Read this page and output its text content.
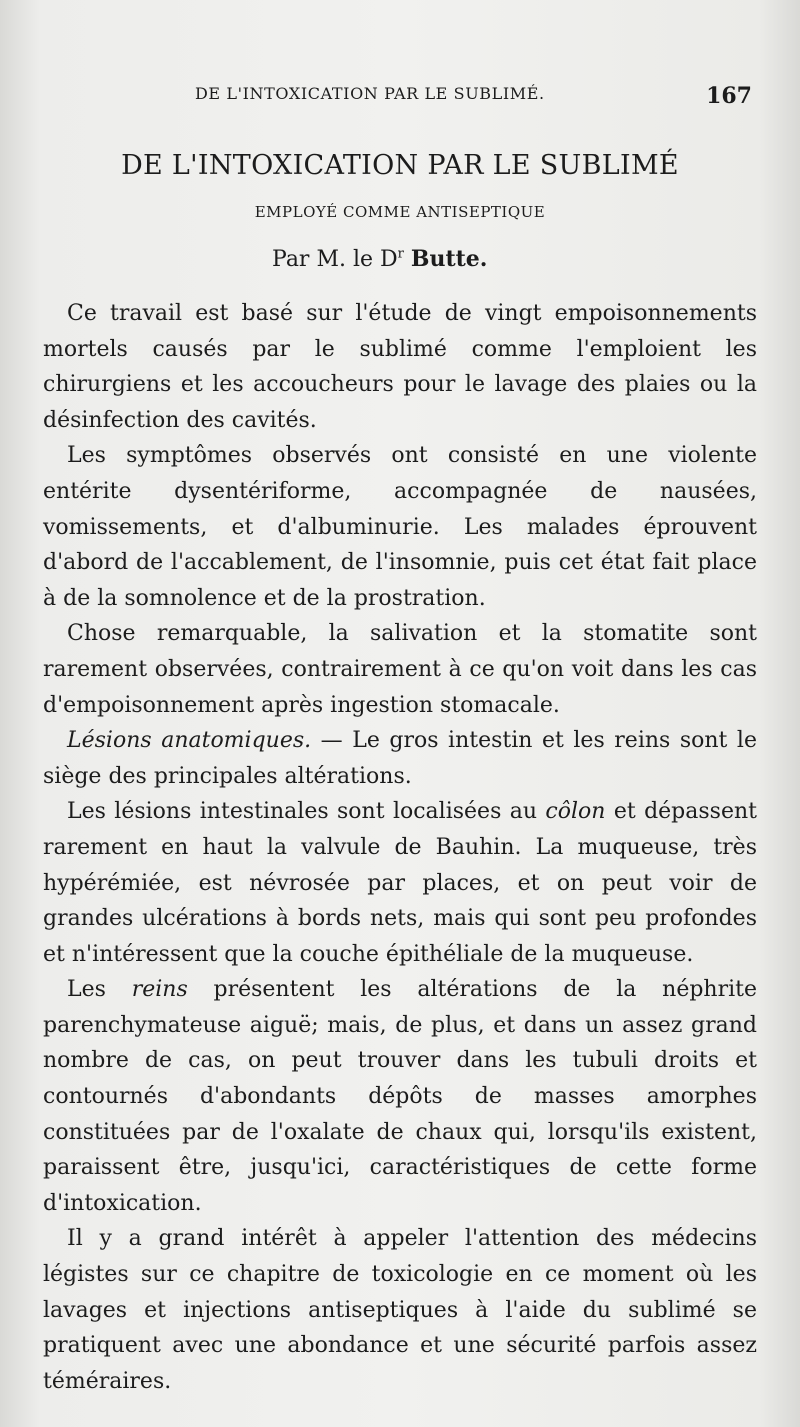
DE L'INTOXICATION PAR LE SUBLIMÉ.	167
DE L'INTOXICATION PAR LE SUBLIMÉ
EMPLOYÉ COMME ANTISEPTIQUE
Par M. le $D^r$ Butte.

Ce travail est basé sur l'étude de vingt empoisonnements mortels causés par le sublimé comme l'emploient les chirurgiens et les accoucheurs pour le lavage des plaies ou la désinfection des cavités.

Les symptômes observés ont consisté en une violente entérite dysentériforme, accompagnée de nausées, vomissements, et d'albuminurie. Les malades éprouvent d'abord de l'accablement, de l'insomnie, puis cet état fait place à de la somnolence et de la prostration.

Chose remarquable, la salivation et la stomatite sont rarement observées, contrairement à ce qu'on voit dans les cas d'empoisonnement après ingestion stomacale.

Lésions anatomiques. — Le gros intestin et les reins sont le siège des principales altérations.

Les lésions intestinales sont localisées au côlon et dépassent rarement en haut la valvule de Bauhin. La muqueuse, très hypérémiée, est névrosée par places, et on peut voir de grandes ulcérations à bords nets, mais qui sont peu profondes et n'intéressent que la couche épithéliale de la muqueuse.

Les reins présentent les altérations de la néphrite parenchymateuse aiguë; mais, de plus, et dans un assez grand nombre de cas, on peut trouver dans les tubuli droits et contournés d'abondants dépôts de masses amorphes constituées par de l'oxalate de chaux qui, lorsqu'ils existent, paraissent être, jusqu'ici, caractéristiques de cette forme d'intoxication.

Il y a grand intérêt à appeler l'attention des médecins légistes sur ce chapitre de toxicologie en ce moment où les lavages et injections antiseptiques à l'aide du sublimé se pratiquent avec une abondance et une sécurité parfois assez téméraires.
